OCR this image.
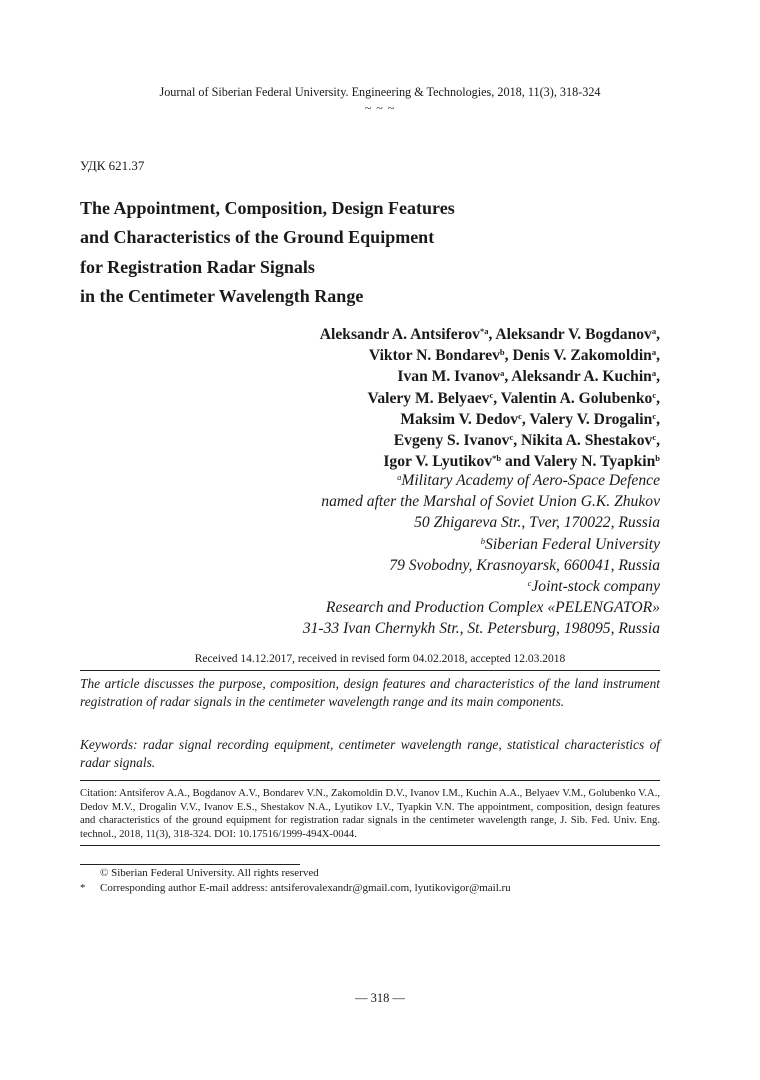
Journal of Siberian Federal University. Engineering & Technologies, 2018, 11(3), 318-324
~ ~ ~
УДК 621.37
The Appointment, Composition, Design Features
and Characteristics of the Ground Equipment
for Registration Radar Signals
in the Centimeter Wavelength Range
Aleksandr A. Antsiferov$^{*a}$, Aleksandr V. Bogdanov$^a$,
Viktor N. Bondarev$^b$, Denis V. Zakomoldin$^a$,
Ivan M. Ivanov$^a$, Aleksandr A. Kuchin$^a$,
Valery M. Belyaev$^c$, Valentin A. Golubenko$^c$,
Maksim V. Dedov$^c$, Valery V. Drogalin$^c$,
Evgeny S. Ivanov$^c$, Nikita A. Shestakov$^c$,
Igor V. Lyutikov$^{*b}$ and Valery N. Tyapkin$^b$
$^a$Military Academy of Aero-Space Defence
named after the Marshal of Soviet Union G.K. Zhukov
50 Zhigareva Str., Tver, 170022, Russia
$^b$Siberian Federal University
79 Svobodny, Krasnoyarsk, 660041, Russia
$^c$Joint-stock company
Research and Production Complex «PELENGATOR»
31-33 Ivan Chernykh Str., St. Petersburg, 198095, Russia
Received 14.12.2017, received in revised form 04.02.2018, accepted 12.03.2018
The article discusses the purpose, composition, design features and characteristics of the land instrument registration of radar signals in the centimeter wavelength range and its main components.
Keywords: radar signal recording equipment, centimeter wavelength range, statistical characteristics of radar signals.
Citation: Antsiferov A.A., Bogdanov A.V., Bondarev V.N., Zakomoldin D.V., Ivanov I.M., Kuchin A.A., Belyaev V.M., Golubenko V.A., Dedov M.V., Drogalin V.V., Ivanov E.S., Shestakov N.A., Lyutikov I.V., Tyapkin V.N. The appointment, composition, design features and characteristics of the ground equipment for registration radar signals in the centimeter wavelength range, J. Sib. Fed. Univ. Eng. technol., 2018, 11(3), 318-324. DOI: 10.17516/1999-494X-0044.
© Siberian Federal University. All rights reserved
* Corresponding author E-mail address: antsiferovalexandr@gmail.com, lyutikovigor@mail.ru
— 318 —
